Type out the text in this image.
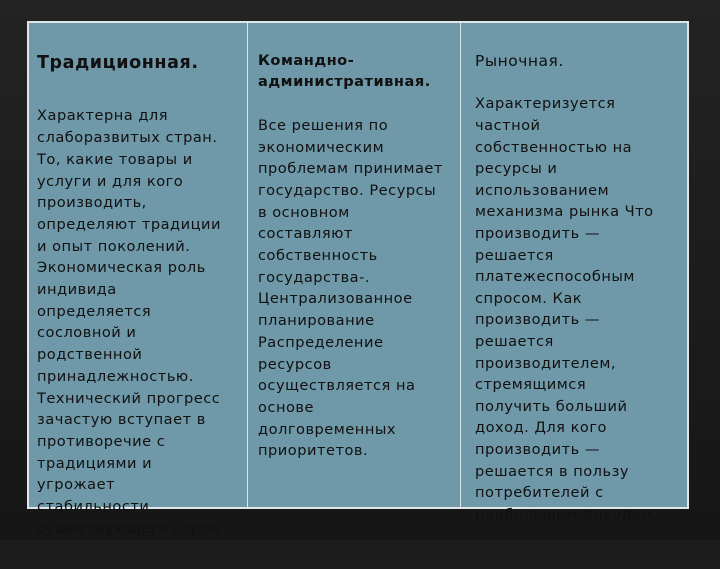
Традиционная.

Характерна для
слаборазвитых стран.
То, какие товары и
услуги и для кого
производить,
определяют традиции
и опыт поколений.
Экономическая роль
индивида
определяется
сословной и
родственной
принадлежностью.
Технический прогресс
зачастую вступает в
противоречие с
традициями и
угрожает
стабильности
существующего строя.

Командно-
административная.

Все решения по
экономическим
проблемам принимает
государство. Ресурсы
в основном
составляют
собственность
государства-.
Централизованное
планирование
Распределение
ресурсов
осуществляется на
основе
долговременных
приоритетов.

Рыночная.

Характеризуется
частной
собственностью на
ресурсы и
использованием
механизма рынка Что
производить —
решается
платежеспособным
спросом. Как
производить —
решается
производителем,
стремящимся
получить больший
доход. Для кого
производить —
решается в пользу
потребителей с
наибольшим доходом.
-
